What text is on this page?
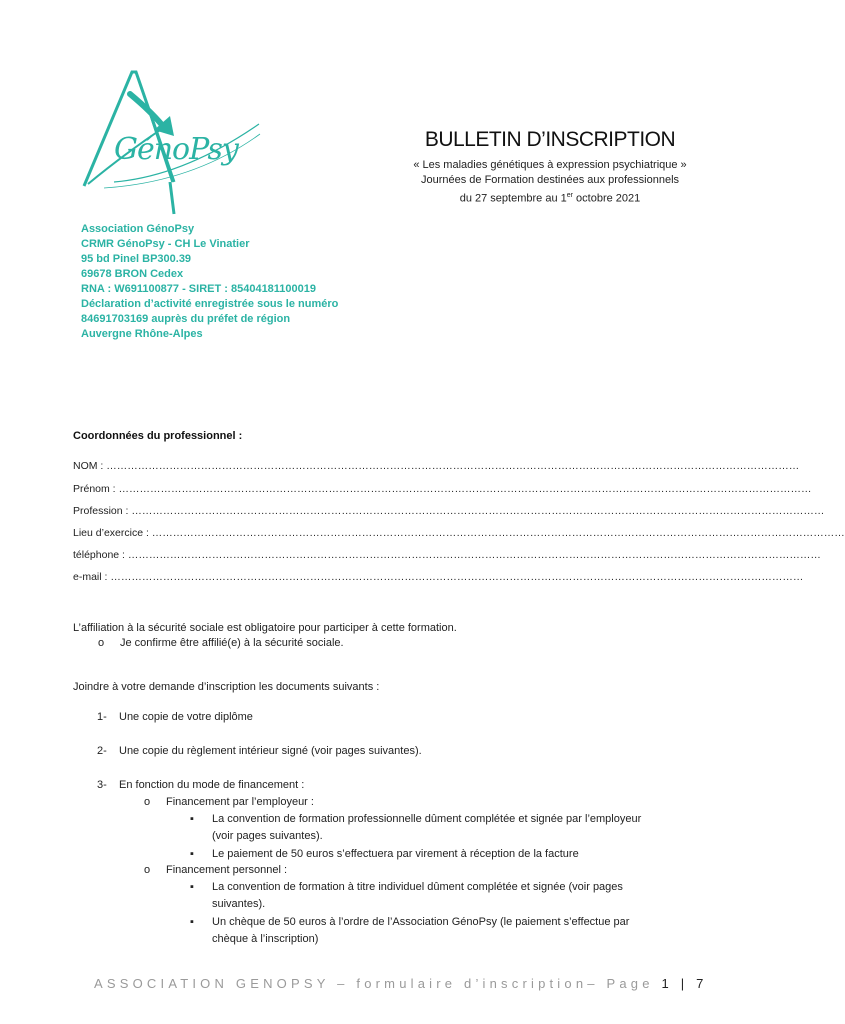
GénoPsy	BULLETIN D’INSCRIPTION
« Les maladies génétiques à expression psychiatrique »
Journées de Formation destinées aux professionnels
du 27 septembre au 1er octobre 2021
Association GénoPsy
CRMR GénoPsy - CH Le Vinatier
95 bd Pinel BP300.39
69678 BRON Cedex
RNA : W691100877 - SIRET : 85404181100019
Déclaration d’activité enregistrée sous le numéro
84691703169 auprès du préfet de région
Auvergne Rhône-Alpes
Coordonnées du professionnel :
NOM : ………………………………………………………………………………………………………………………………………………………………………………
Prénom : ………………………………………………………………………………………………………………………………………………………………………………
Profession : ………………………………………………………………………………………………………………………………………………………………………………
Lieu d’exercice : ………………………………………………………………………………………………………………………………………………………………………………
téléphone : ………………………………………………………………………………………………………………………………………………………………………………
e-mail : ………………………………………………………………………………………………………………………………………………………………………………
L’affiliation à la sécurité sociale est obligatoire pour participer à cette formation.
o Je confirme être affilié(e) à la sécurité sociale.
Joindre à votre demande d’inscription les documents suivants :
1- Une copie de votre diplôme
2- Une copie du règlement intérieur signé (voir pages suivantes).
3- En fonction du mode de financement :
o Financement par l’employeur :
▪ La convention de formation professionnelle dûment complétée et signée par l’employeur
(voir pages suivantes).
▪ Le paiement de 50 euros s’effectuera par virement à réception de la facture
o Financement personnel :
▪ La convention de formation à titre individuel dûment complétée et signée (voir pages
suivantes).
▪ Un chèque de 50 euros à l’ordre de l’Association GénoPsy (le paiement s’effectue par
chèque à l’inscription)
ASSOCIATION GENOPSY – formulaire d’inscription– Page 1 | 7
